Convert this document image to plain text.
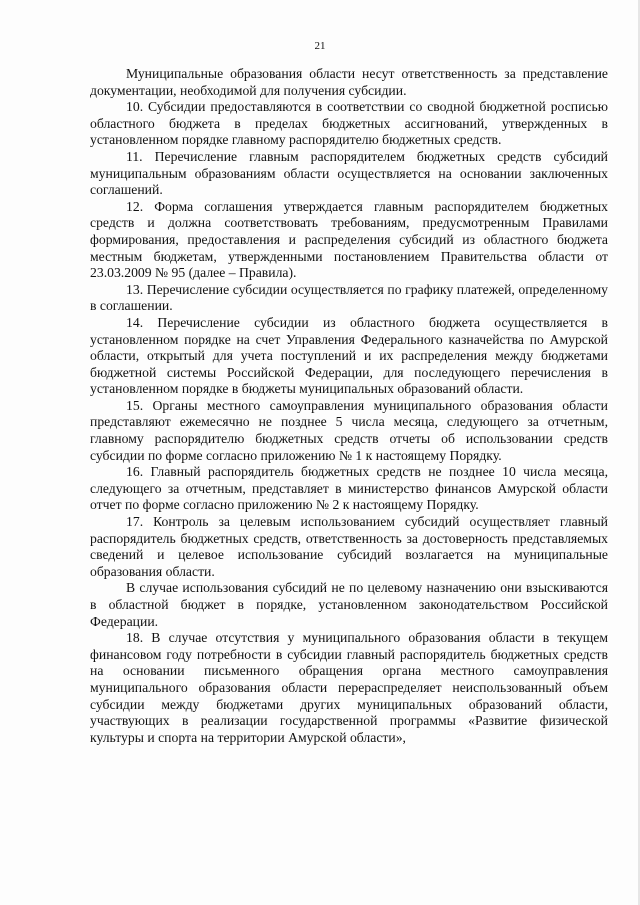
21

Муниципальные образования области несут ответственность за представление документации, необходимой для получения субсидии.

10. Субсидии предоставляются в соответствии со сводной бюджетной росписью областного бюджета в пределах бюджетных ассигнований, утвержденных в установленном порядке главному распорядителю бюджетных средств.

11. Перечисление главным распорядителем бюджетных средств субсидий муниципальным образованиям области осуществляется на основании заключенных соглашений.

12. Форма соглашения утверждается главным распорядителем бюджетных средств и должна соответствовать требованиям, предусмотренным Правилами формирования, предоставления и распределения субсидий из областного бюджета местным бюджетам, утвержденными постановлением Правительства области от 23.03.2009 № 95 (далее – Правила).

13. Перечисление субсидии осуществляется по графику платежей, определенному в соглашении.

14. Перечисление субсидии из областного бюджета осуществляется в установленном порядке на счет Управления Федерального казначейства по Амурской области, открытый для учета поступлений и их распределения между бюджетами бюджетной системы Российской Федерации, для последующего перечисления в установленном порядке в бюджеты муниципальных образований области.

15. Органы местного самоуправления муниципального образования области представляют ежемесячно не позднее 5 числа месяца, следующего за отчетным, главному распорядителю бюджетных средств отчеты об использовании средств субсидии по форме согласно приложению № 1 к настоящему Порядку.

16. Главный распорядитель бюджетных средств не позднее 10 числа месяца, следующего за отчетным, представляет в министерство финансов Амурской области отчет по форме согласно приложению № 2 к настоящему Порядку.

17. Контроль за целевым использованием субсидий осуществляет главный распорядитель бюджетных средств, ответственность за достоверность представляемых сведений и целевое использование субсидий возлагается на муниципальные образования области.

В случае использования субсидий не по целевому назначению они взыскиваются в областной бюджет в порядке, установленном законодательством Российской Федерации.

18. В случае отсутствия у муниципального образования области в текущем финансовом году потребности в субсидии главный распорядитель бюджетных средств на основании письменного обращения органа местного самоуправления муниципального образования области перераспределяет неиспользованный объем субсидии между бюджетами других муниципальных образований области, участвующих в реализации государственной программы «Развитие физической культуры и спорта на территории Амурской области»,
